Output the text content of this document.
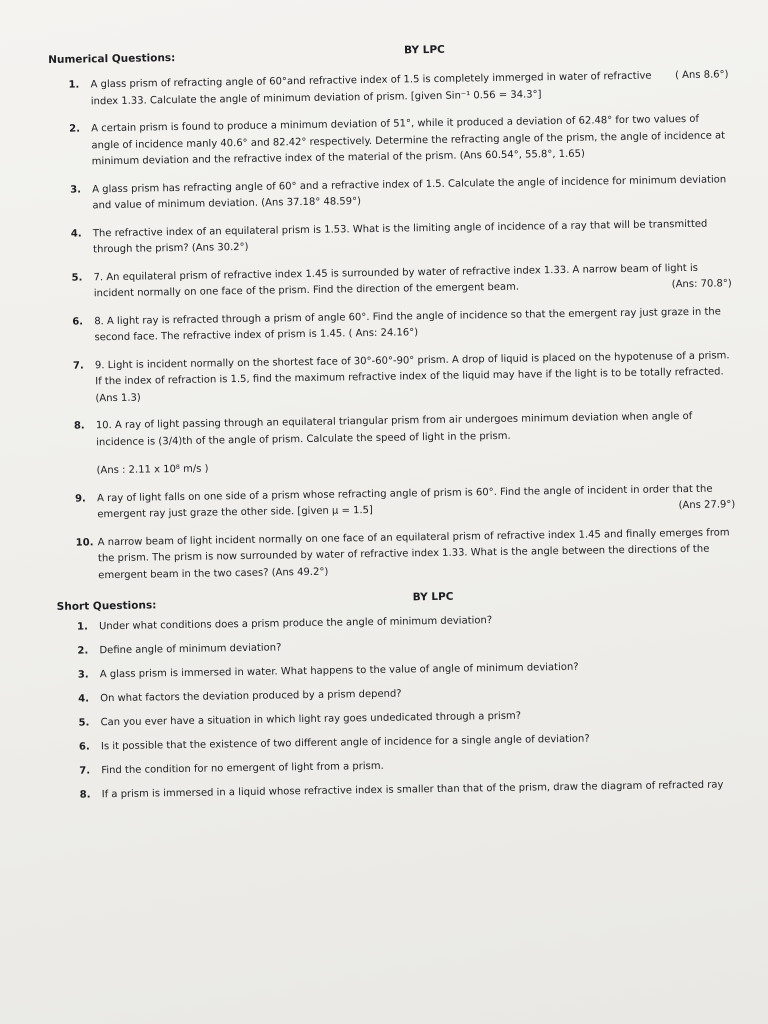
Numerical Questions:
BY LPC
1.
( Ans 8.6°)
A glass prism of refracting angle of 60°and refractive index of 1.5 is completely immerged in water of refractive index 1.33. Calculate the angle of minimum deviation of prism. [given Sin⁻¹ 0.56 = 34.3°]
2. A certain prism is found to produce a minimum deviation of 51°, while it produced a deviation of 62.48° for two values of angle of incidence manly 40.6° and 82.42° respectively. Determine the refracting angle of the prism, the angle of incidence at minimum deviation and the refractive index of the material of the prism. (Ans 60.54°, 55.8°, 1.65)
3. A glass prism has refracting angle of 60° and a refractive index of 1.5. Calculate the angle of incidence for minimum deviation and value of minimum deviation. (Ans 37.18° 48.59°)
4. The refractive index of an equilateral prism is 1.53. What is the limiting angle of incidence of a ray that will be transmitted through the prism? (Ans 30.2°)
5. 7. An equilateral prism of refractive index 1.45 is surrounded by water of refractive index 1.33. A narrow beam of light is incident normally on one face of the prism. Find the direction of the emergent beam.	(Ans: 70.8°)
6. 8. A light ray is refracted through a prism of angle 60°. Find the angle of incidence so that the emergent ray just graze in the second face. The refractive index of prism is 1.45. ( Ans: 24.16°)
7. 9. Light is incident normally on the shortest face of 30°-60°-90° prism. A drop of liquid is placed on the hypotenuse of a prism. If the index of refraction is 1.5, find the maximum refractive index of the liquid may have if the light is to be totally refracted. (Ans 1.3)
8. 10. A ray of light passing through an equilateral triangular prism from air undergoes minimum deviation when angle of incidence is (3/4)th of the angle of prism. Calculate the speed of light in the prism.
(Ans : 2.11 x 10⁸ m/s )
9. A ray of light falls on one side of a prism whose refracting angle of prism is 60°. Find the angle of incident in order that the emergent ray just graze the other side. [given μ = 1.5]	(Ans 27.9°)
10. A narrow beam of light incident normally on one face of an equilateral prism of refractive index 1.45 and finally emerges from the prism. The prism is now surrounded by water of refractive index 1.33. What is the angle between the directions of the emergent beam in the two cases? (Ans 49.2°)
Short Questions:
BY LPC
1. Under what conditions does a prism produce the angle of minimum deviation?
2. Define angle of minimum deviation?
3. A glass prism is immersed in water. What happens to the value of angle of minimum deviation?
4. On what factors the deviation produced by a prism depend?
5. Can you ever have a situation in which light ray goes undedicated through a prism?
6. Is it possible that the existence of two different angle of incidence for a single angle of deviation?
7. Find the condition for no emergent of light from a prism.
8. If a prism is immersed in a liquid whose refractive index is smaller than that of the prism, draw the diagram of refracted ray
